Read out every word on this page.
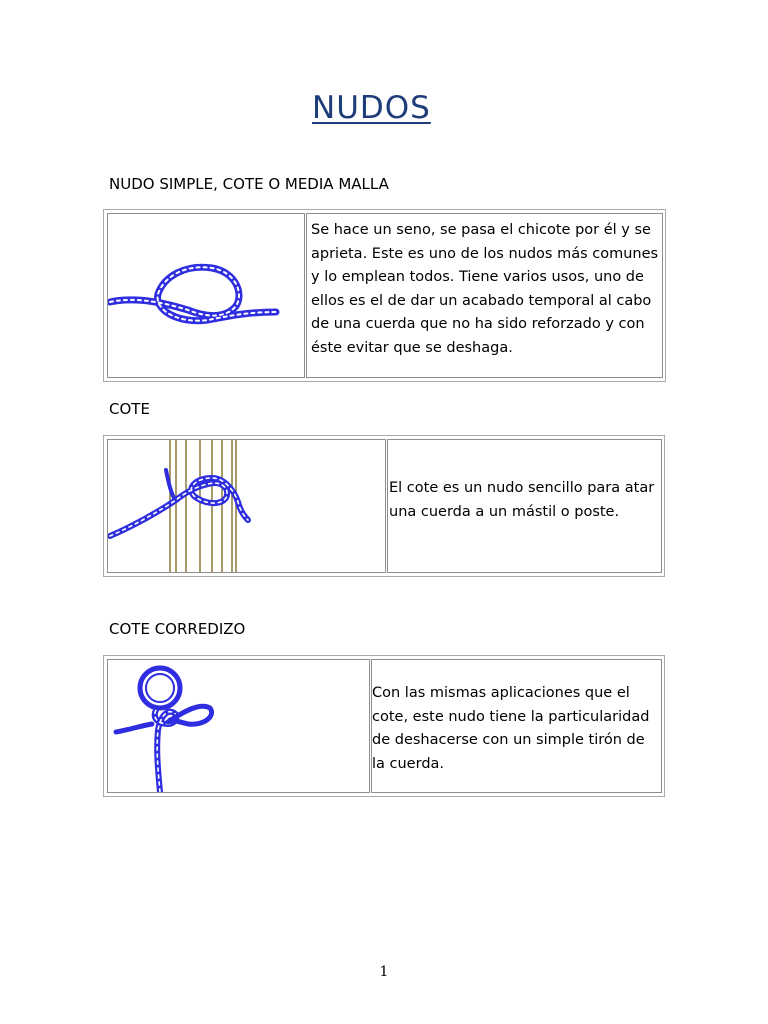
NUDOS

NUDO SIMPLE, COTE O MEDIA MALLA

Se hace un seno, se pasa el chicote por él y se aprieta. Este es uno de los nudos más comunes y lo emplean todos. Tiene varios usos, uno de ellos es el de dar un acabado temporal al cabo de una cuerda que no ha sido reforzado y con éste evitar que se deshaga.

COTE

El cote es un nudo sencillo para atar una cuerda a un mástil o poste.

COTE CORREDIZO

Con las mismas aplicaciones que el cote, este nudo tiene la particularidad de deshacerse con un simple tirón de la cuerda.

1
